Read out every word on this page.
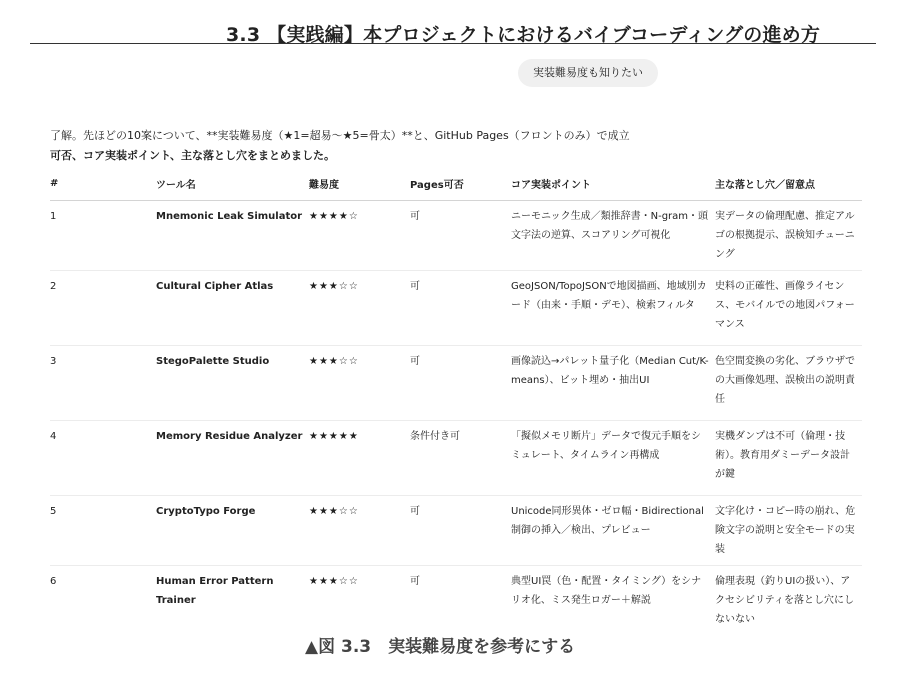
3.3 【実践編】本プロジェクトにおけるバイブコーディングの進め方
実装難易度も知りたい
了解。先ほどの10案について、**実装難易度（★1=超易〜★5=骨太）**と、GitHub Pages（フロントのみ）で成立
可否、コア実装ポイント、主な落とし穴をまとめました。
#	ツール名	難易度	Pages可否	コア実装ポイント	主な落とし穴／留意点
1	Mnemonic Leak Simulator	★★★★☆	可	ニーモニック生成／類推辞書・N-gram・頭文字法の逆算、スコアリング可視化	実データの倫理配慮、推定アルゴの根拠提示、誤検知チューニング
2	Cultural Cipher Atlas	★★★☆☆	可	GeoJSON/TopoJSONで地図描画、地域別カード（由来・手順・デモ）、検索フィルタ	史料の正確性、画像ライセンス、モバイルでの地図パフォーマンス
3	StegoPalette Studio	★★★☆☆	可	画像読込→パレット量子化（Median Cut/K-means）、ビット埋め・抽出UI	色空間変換の劣化、ブラウザでの大画像処理、誤検出の説明責任
4	Memory Residue Analyzer	★★★★★	条件付き可	「擬似メモリ断片」データで復元手順をシミュレート、タイムライン再構成	実機ダンプは不可（倫理・技術）。教育用ダミーデータ設計が鍵
5	CryptoTypo Forge	★★★☆☆	可	Unicode同形異体・ゼロ幅・Bidirectional制御の挿入／検出、プレビュー	文字化け・コピー時の崩れ、危険文字の説明と安全モードの実装
6	Human Error Pattern Trainer	★★★☆☆	可	典型UI罠（色・配置・タイミング）をシナリオ化、ミス発生ロガー＋解説	倫理表現（釣りUIの扱い）、アクセシビリティを落とし穴にしないない
▲図 3.3　実装難易度を参考にする
